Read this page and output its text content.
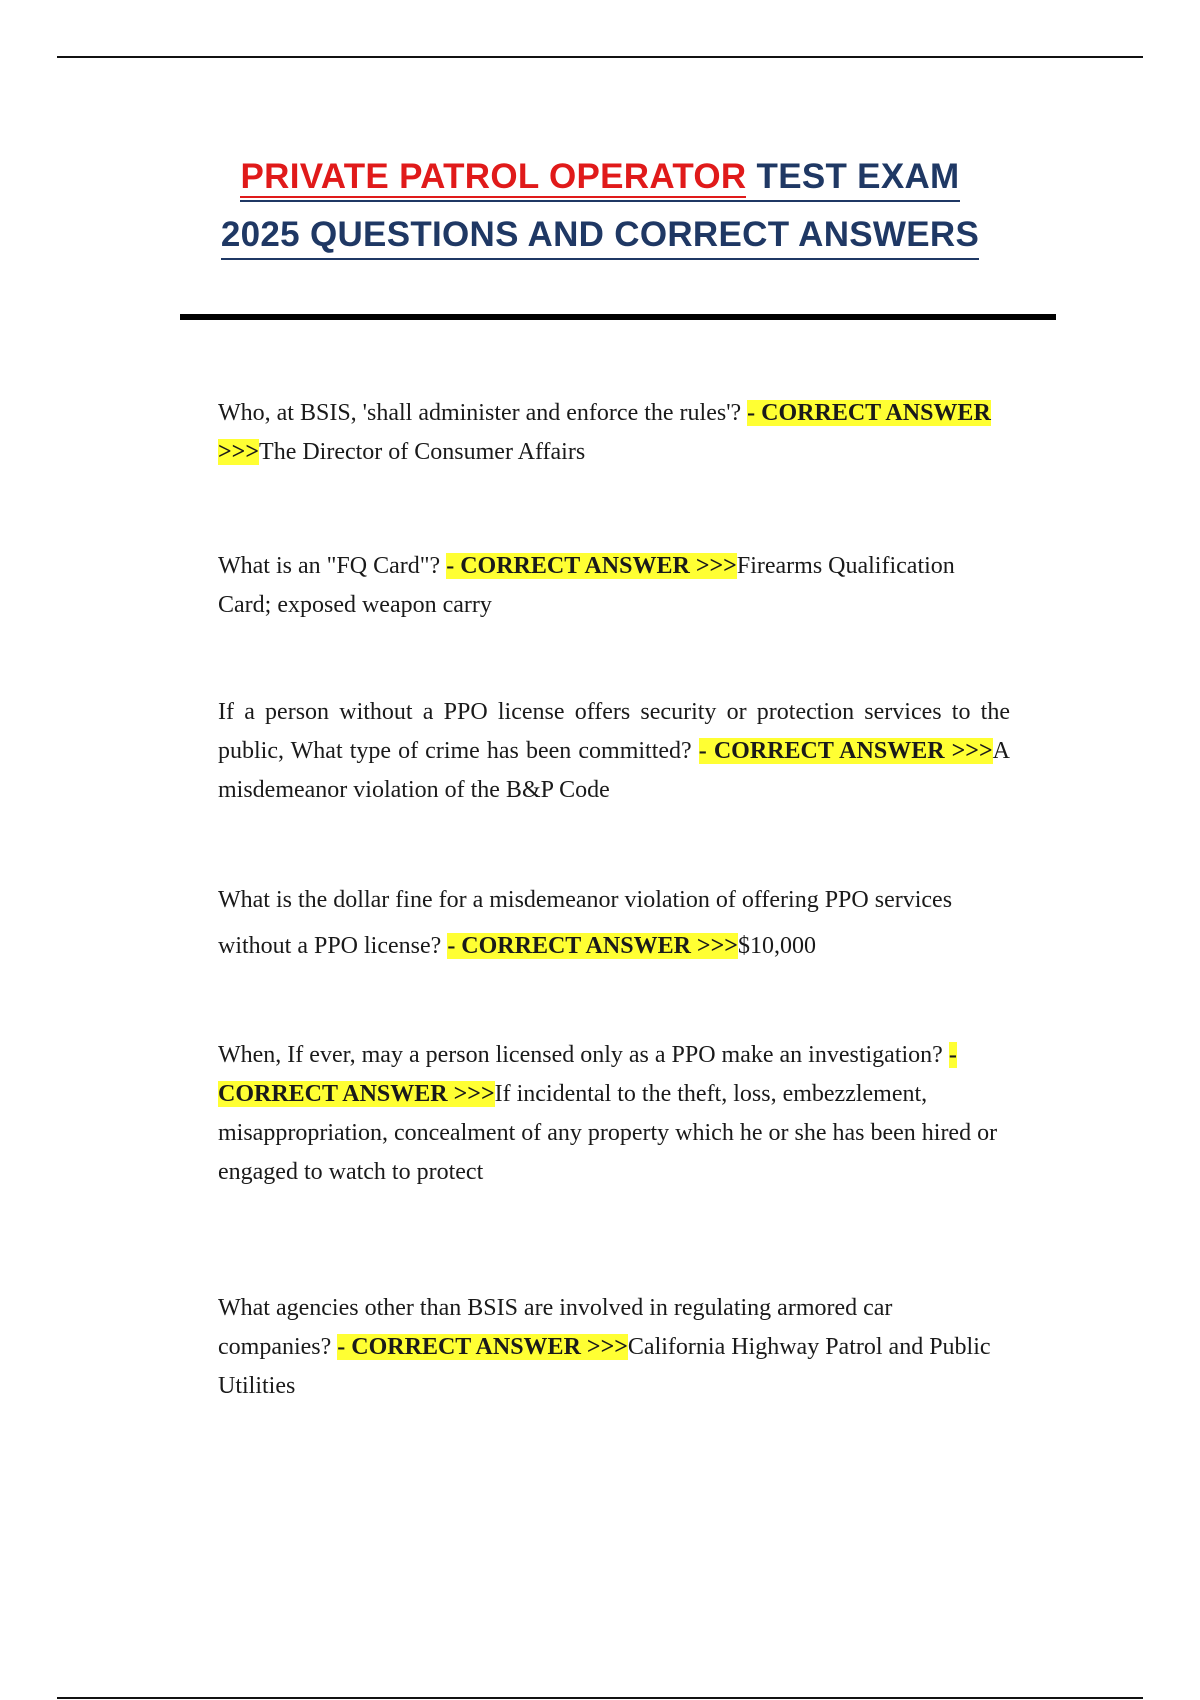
PRIVATE PATROL OPERATOR TEST EXAM
2025 QUESTIONS AND CORRECT ANSWERS
Who, at BSIS, 'shall administer and enforce the rules'? - CORRECT ANSWER >>>The Director of Consumer Affairs
What is an "FQ Card"? - CORRECT ANSWER >>>Firearms Qualification Card; exposed weapon carry
If a person without a PPO license offers security or protection services to the public, What type of crime has been committed? - CORRECT ANSWER >>>A misdemeanor violation of the B&P Code
What is the dollar fine for a misdemeanor violation of offering PPO services without a PPO license? - CORRECT ANSWER >>>$10,000
When, If ever, may a person licensed only as a PPO make an investigation? - CORRECT ANSWER >>>If incidental to the theft, loss, embezzlement, misappropriation, concealment of any property which he or she has been hired or engaged to watch to protect
What agencies other than BSIS are involved in regulating armored car companies? - CORRECT ANSWER >>>California Highway Patrol and Public Utilities
